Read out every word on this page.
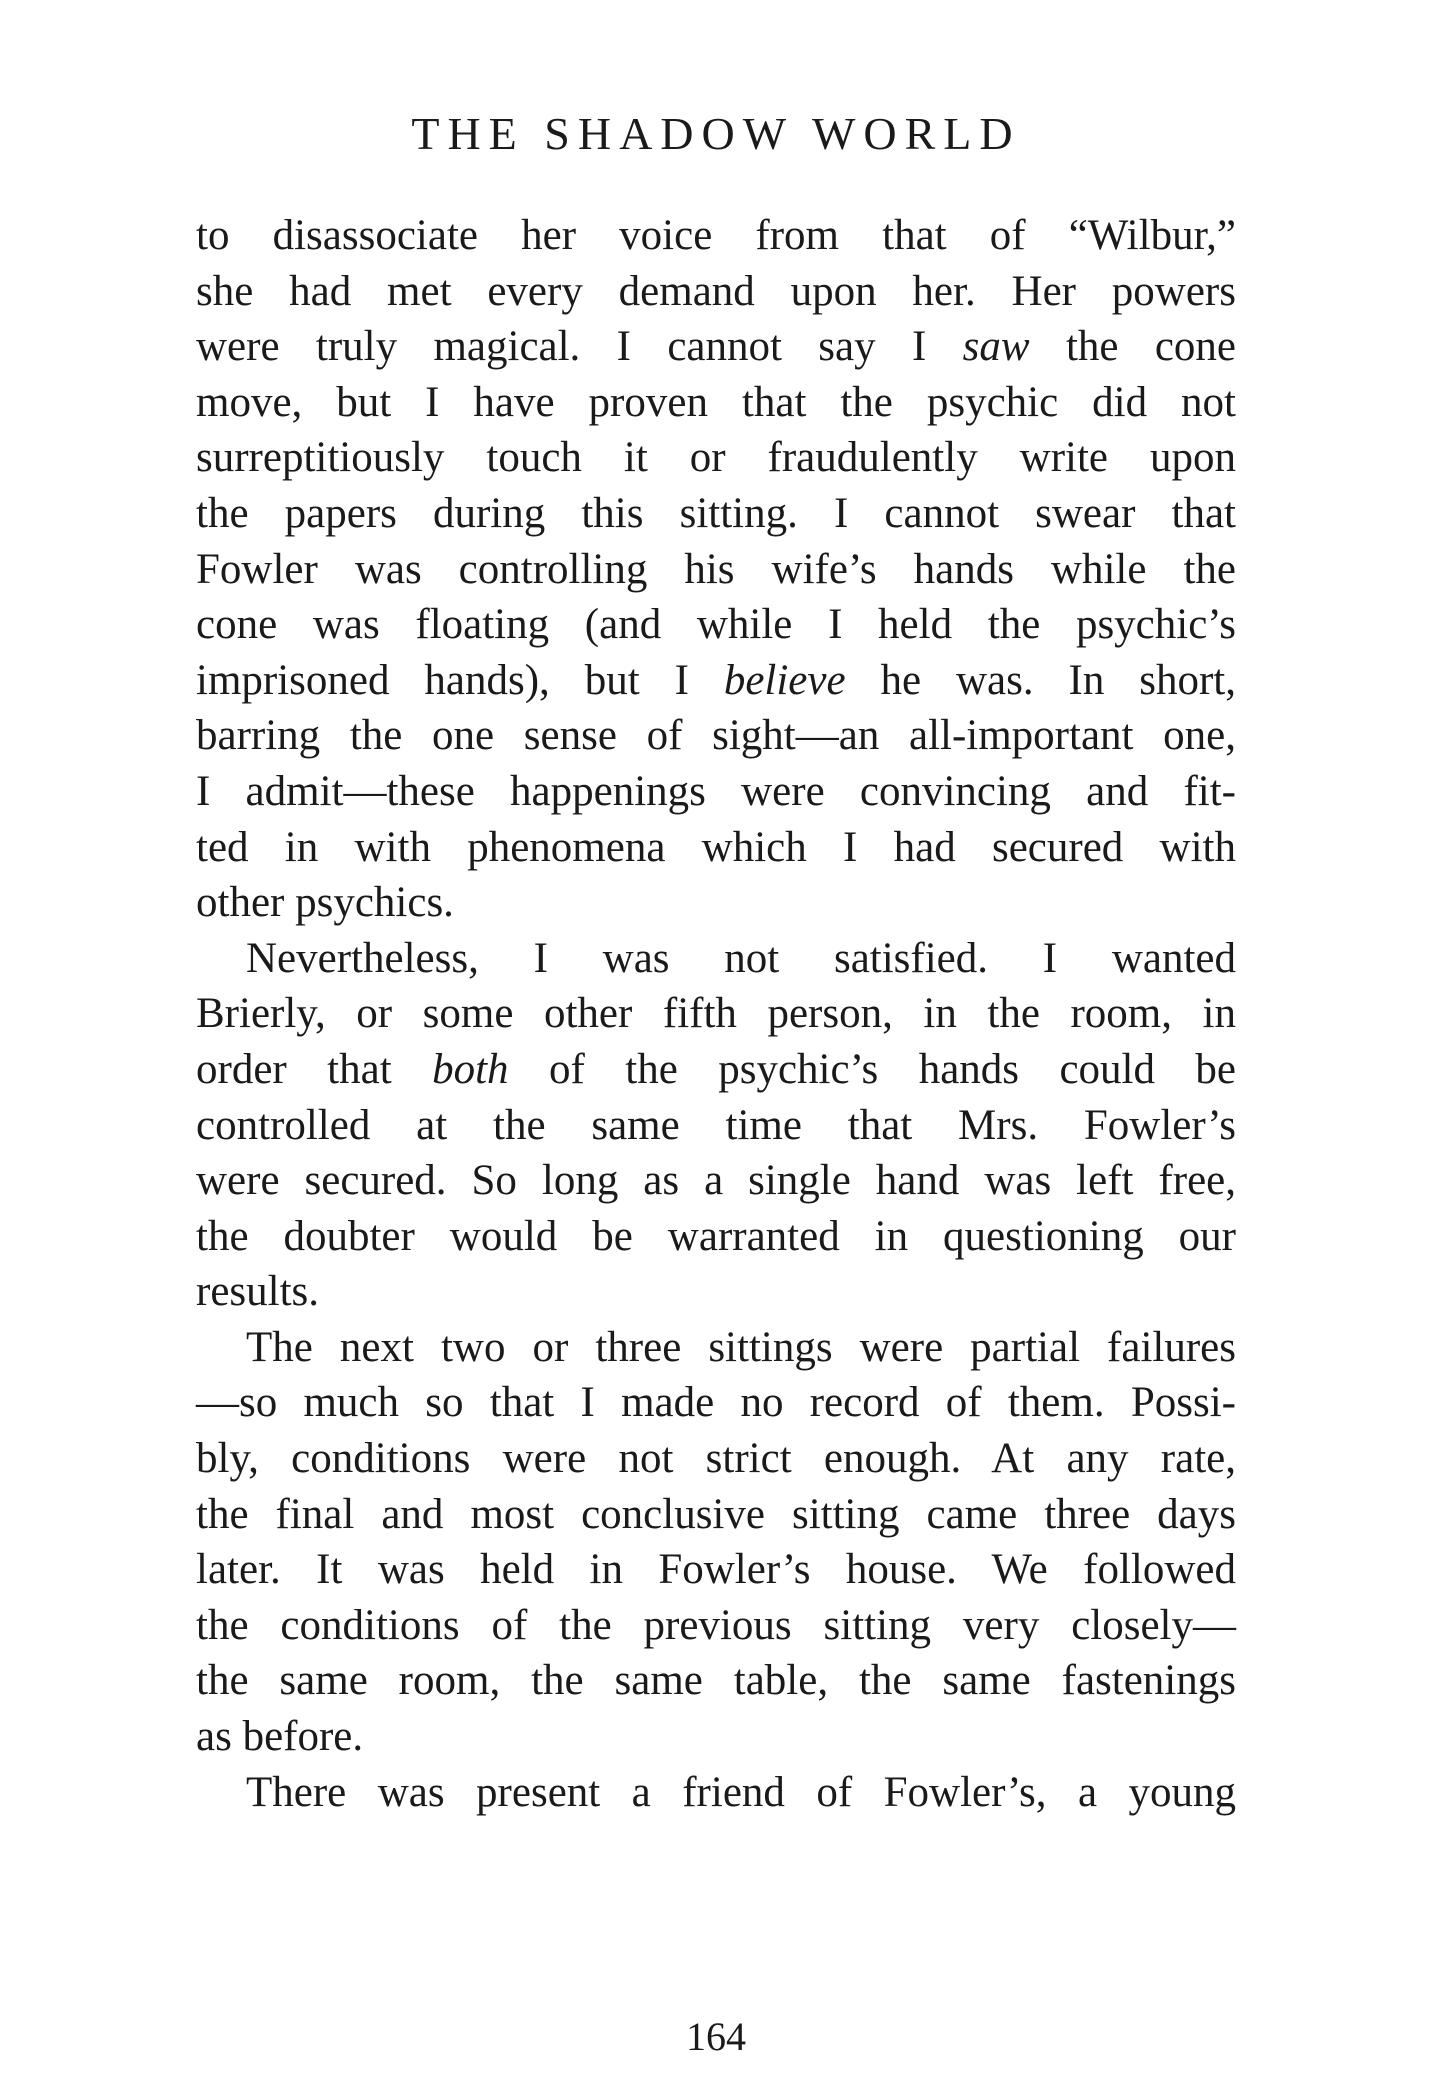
THE SHADOW WORLD
to disassociate her voice from that of “Wilbur,”
she had met every demand upon her. Her powers
were truly magical. I cannot say I saw the cone
move, but I have proven that the psychic did not
surreptitiously touch it or fraudulently write upon
the papers during this sitting. I cannot swear that
Fowler was controlling his wife’s hands while the
cone was floating (and while I held the psychic’s
imprisoned hands), but I believe he was. In short,
barring the one sense of sight—an all-important one,
I admit—these happenings were convincing and fit-
ted in with phenomena which I had secured with
other psychics.
Nevertheless, I was not satisfied. I wanted
Brierly, or some other fifth person, in the room, in
order that both of the psychic’s hands could be
controlled at the same time that Mrs. Fowler’s
were secured. So long as a single hand was left free,
the doubter would be warranted in questioning our
results.
The next two or three sittings were partial failures
—so much so that I made no record of them. Possi-
bly, conditions were not strict enough. At any rate,
the final and most conclusive sitting came three days
later. It was held in Fowler’s house. We followed
the conditions of the previous sitting very closely—
the same room, the same table, the same fastenings
as before.
There was present a friend of Fowler’s, a young
164
